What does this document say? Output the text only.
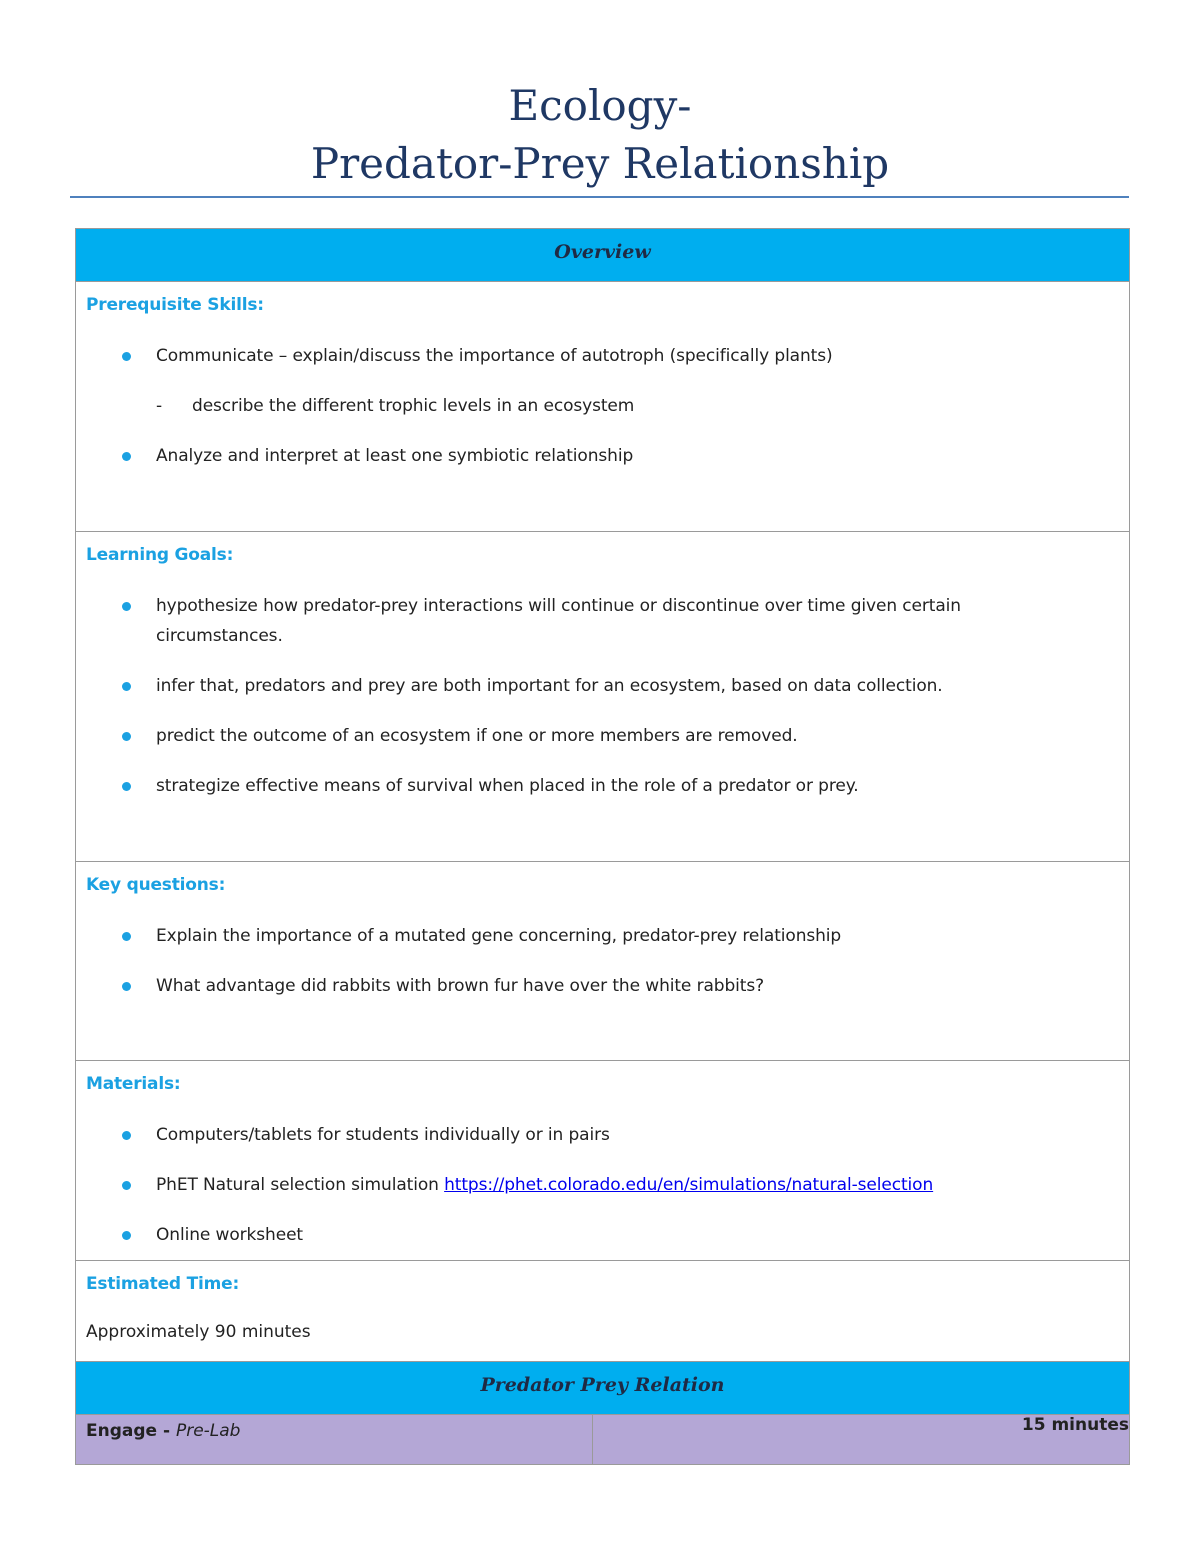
Ecology-
Predator-Prey Relationship
Overview

Prerequisite Skills:
Communicate – explain/discuss the importance of autotroph (specifically plants)
- describe the different trophic levels in an ecosystem
Analyze and interpret at least one symbiotic relationship

Learning Goals:
hypothesize how predator-prey interactions will continue or discontinue over time given certain circumstances.
infer that, predators and prey are both important for an ecosystem, based on data collection.
predict the outcome of an ecosystem if one or more members are removed.
strategize effective means of survival when placed in the role of a predator or prey.

Key questions:
Explain the importance of a mutated gene concerning, predator-prey relationship
What advantage did rabbits with brown fur have over the white rabbits?

Materials:
Computers/tablets for students individually or in pairs
PhET Natural selection simulation https://phet.colorado.edu/en/simulations/natural-selection
Online worksheet

Estimated Time:
Approximately 90 minutes

Predator Prey Relation

Engage - Pre-Lab	15 minutes
